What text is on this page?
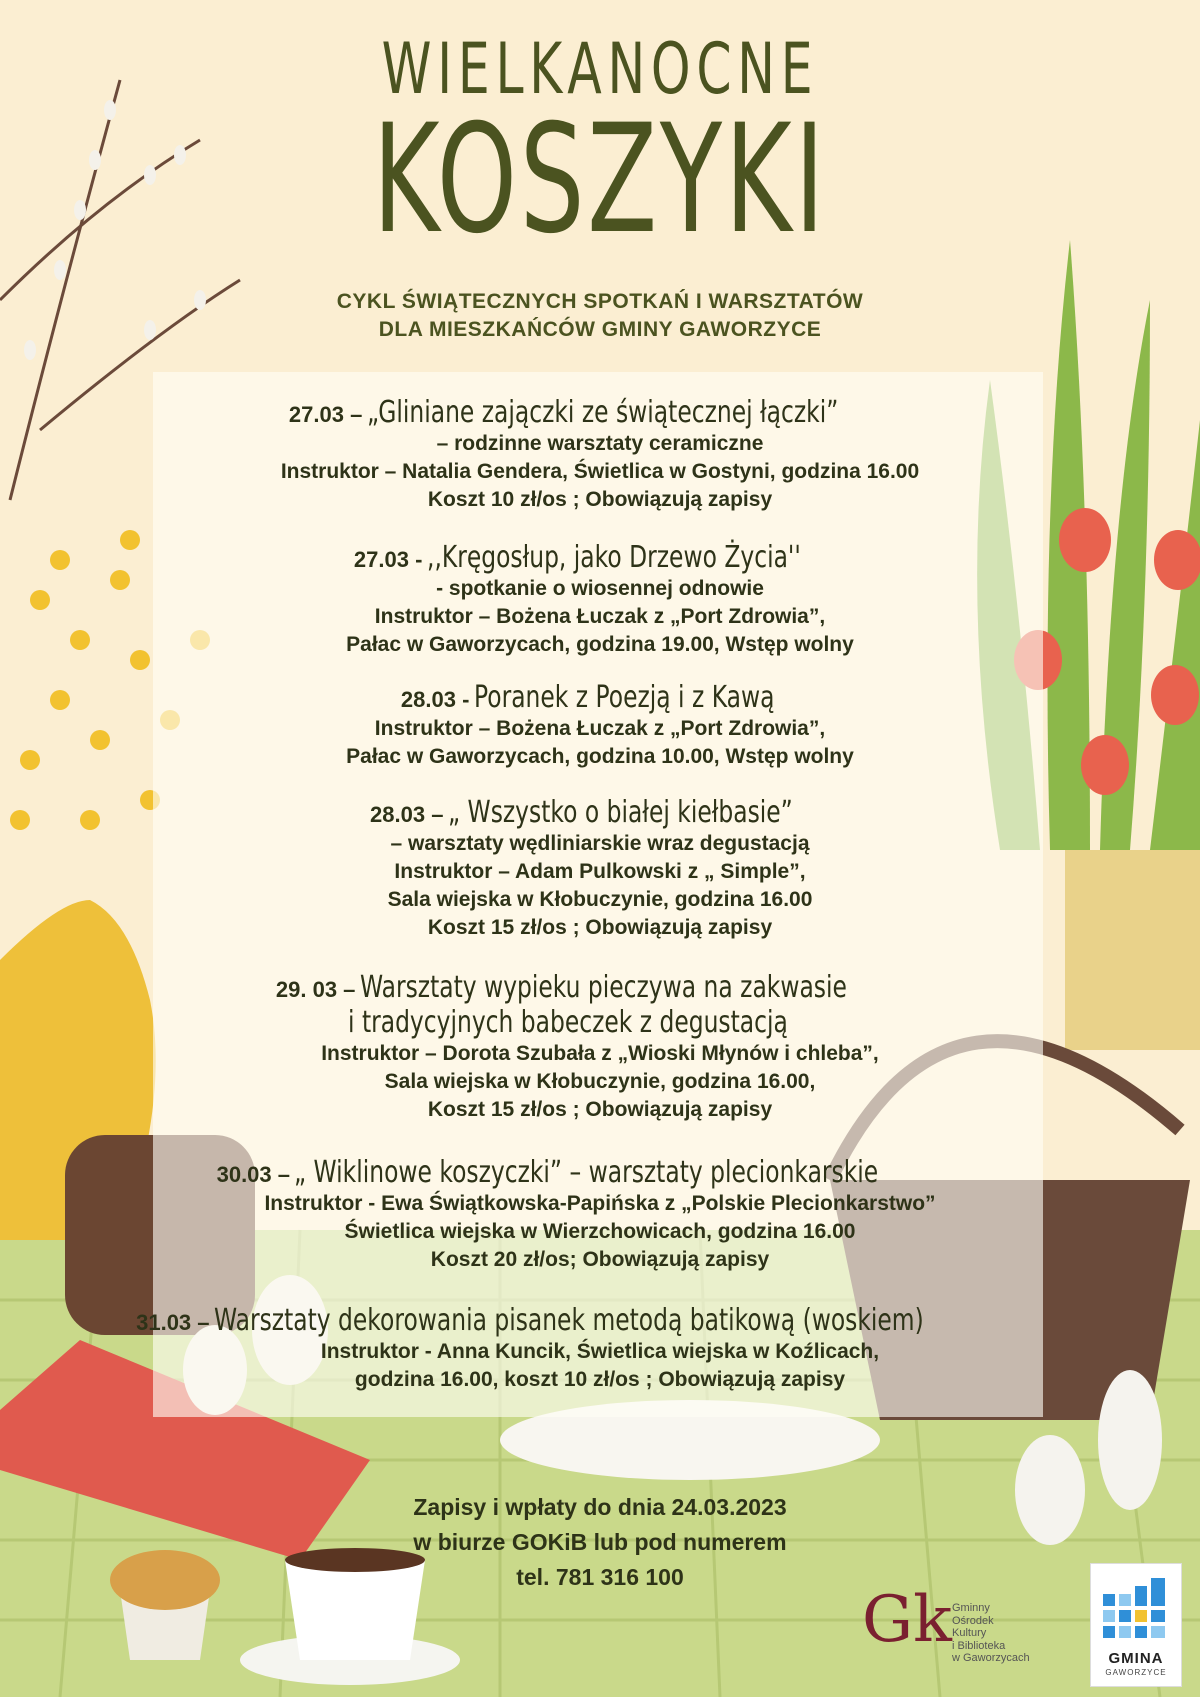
WIELKANOCNE
KOSZYKI
CYKL ŚWIĄTECZNYCH SPOTKAŃ I WARSZTATÓW
DLA MIESZKAŃCÓW GMINY GAWORZYCE
27.03 – „Gliniane zajączki ze świątecznej łączki”
– rodzinne warsztaty ceramiczne
Instruktor – Natalia Gendera, Świetlica w Gostyni, godzina 16.00
Koszt 10 zł/os ; Obowiązują zapisy
27.03 - ,,Kręgosłup, jako Drzewo Życia''
- spotkanie o wiosennej odnowie
Instruktor – Bożena Łuczak z „Port Zdrowia”,
Pałac w Gaworzycach, godzina 19.00, Wstęp wolny
28.03 - Poranek z Poezją i z Kawą
Instruktor – Bożena Łuczak z „Port Zdrowia”,
Pałac w Gaworzycach, godzina 10.00, Wstęp wolny
28.03 – „ Wszystko o białej kiełbasie”
– warsztaty wędliniarskie wraz degustacją
Instruktor – Adam Pulkowski z „ Simple”,
Sala wiejska w Kłobuczynie, godzina 16.00
Koszt 15 zł/os ; Obowiązują zapisy
29. 03 – Warsztaty wypieku pieczywa na zakwasie
i tradycyjnych babeczek z degustacją
Instruktor – Dorota Szubała z „Wioski Młynów i chleba”,
Sala wiejska w Kłobuczynie, godzina 16.00,
Koszt 15 zł/os ; Obowiązują zapisy
30.03 – „ Wiklinowe koszyczki” – warsztaty plecionkarskie
Instruktor - Ewa Świątkowska-Papińska z „Polskie Plecionkarstwo”
Świetlica wiejska w Wierzchowicach, godzina 16.00
Koszt 20 zł/os; Obowiązują zapisy
31.03 – Warsztaty dekorowania pisanek metodą batikową (woskiem)
Instruktor - Anna Kuncik, Świetlica wiejska w Koźlicach,
godzina 16.00, koszt 10 zł/os ; Obowiązują zapisy
Zapisy i wpłaty do dnia 24.03.2023
w biurze GOKiB lub pod numerem
tel. 781 316 100
Gk Gminny
Ośrodek
Kultury
i Biblioteka
w Gaworzycach	GMINA
GAWORZYCE
